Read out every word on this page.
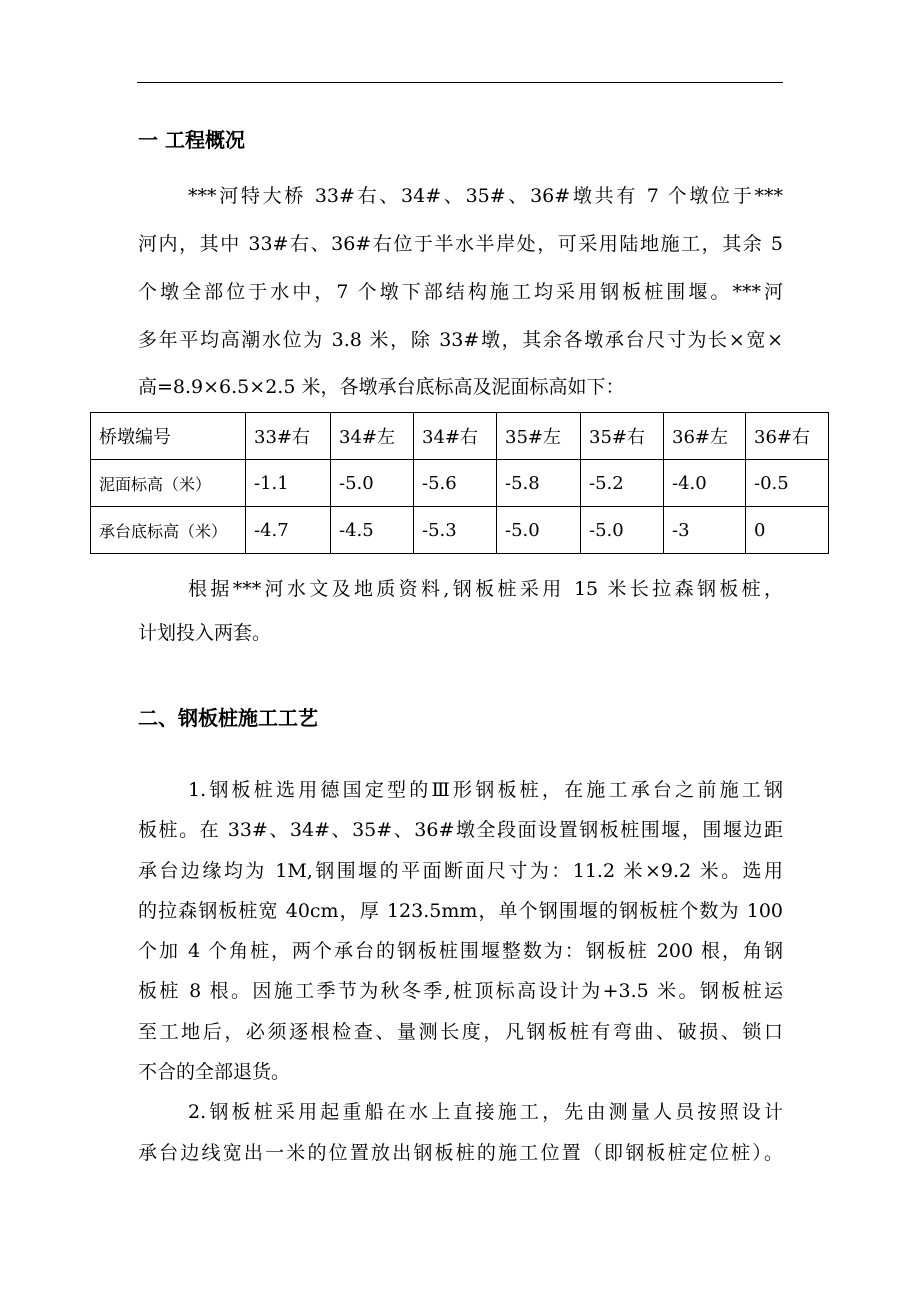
一 工程概况

***河特大桥 33#右、34#、35#、36#墩共有 7 个墩位于***

河内，其中 33#右、36#右位于半水半岸处，可采用陆地施工，其余 5

个墩全部位于水中，7 个墩下部结构施工均采用钢板桩围堰。***河

多年平均高潮水位为 3.8 米，除 33#墩，其余各墩承台尺寸为长×宽×

高=8.9×6.5×2.5 米，各墩承台底标高及泥面标高如下：

桥墩编号	33#右	34#左	34#右	35#左	35#右	36#左	36#右
泥面标高（米）	-1.1	-5.0	-5.6	-5.8	-5.2	-4.0	-0.5
承台底标高（米）	-4.7	-4.5	-5.3	-5.0	-5.0	-3	0

根据***河水文及地质资料,钢板桩采用 15 米长拉森钢板桩，

计划投入两套。

二、钢板桩施工工艺

1.钢板桩选用德国定型的Ⅲ形钢板桩，在施工承台之前施工钢

板桩。在 33#、34#、35#、36#墩全段面设置钢板桩围堰，围堰边距

承台边缘均为 1M,钢围堰的平面断面尺寸为：11.2 米×9.2 米。选用

的拉森钢板桩宽 40cm，厚 123.5mm，单个钢围堰的钢板桩个数为 100

个加 4 个角桩，两个承台的钢板桩围堰整数为：钢板桩 200 根，角钢

板桩 8 根。因施工季节为秋冬季,桩顶标高设计为+3.5 米。钢板桩运

至工地后，必须逐根检查、量测长度，凡钢板桩有弯曲、破损、锁口

不合的全部退货。

2.钢板桩采用起重船在水上直接施工，先由测量人员按照设计

承台边线宽出一米的位置放出钢板桩的施工位置（即钢板桩定位桩）。
